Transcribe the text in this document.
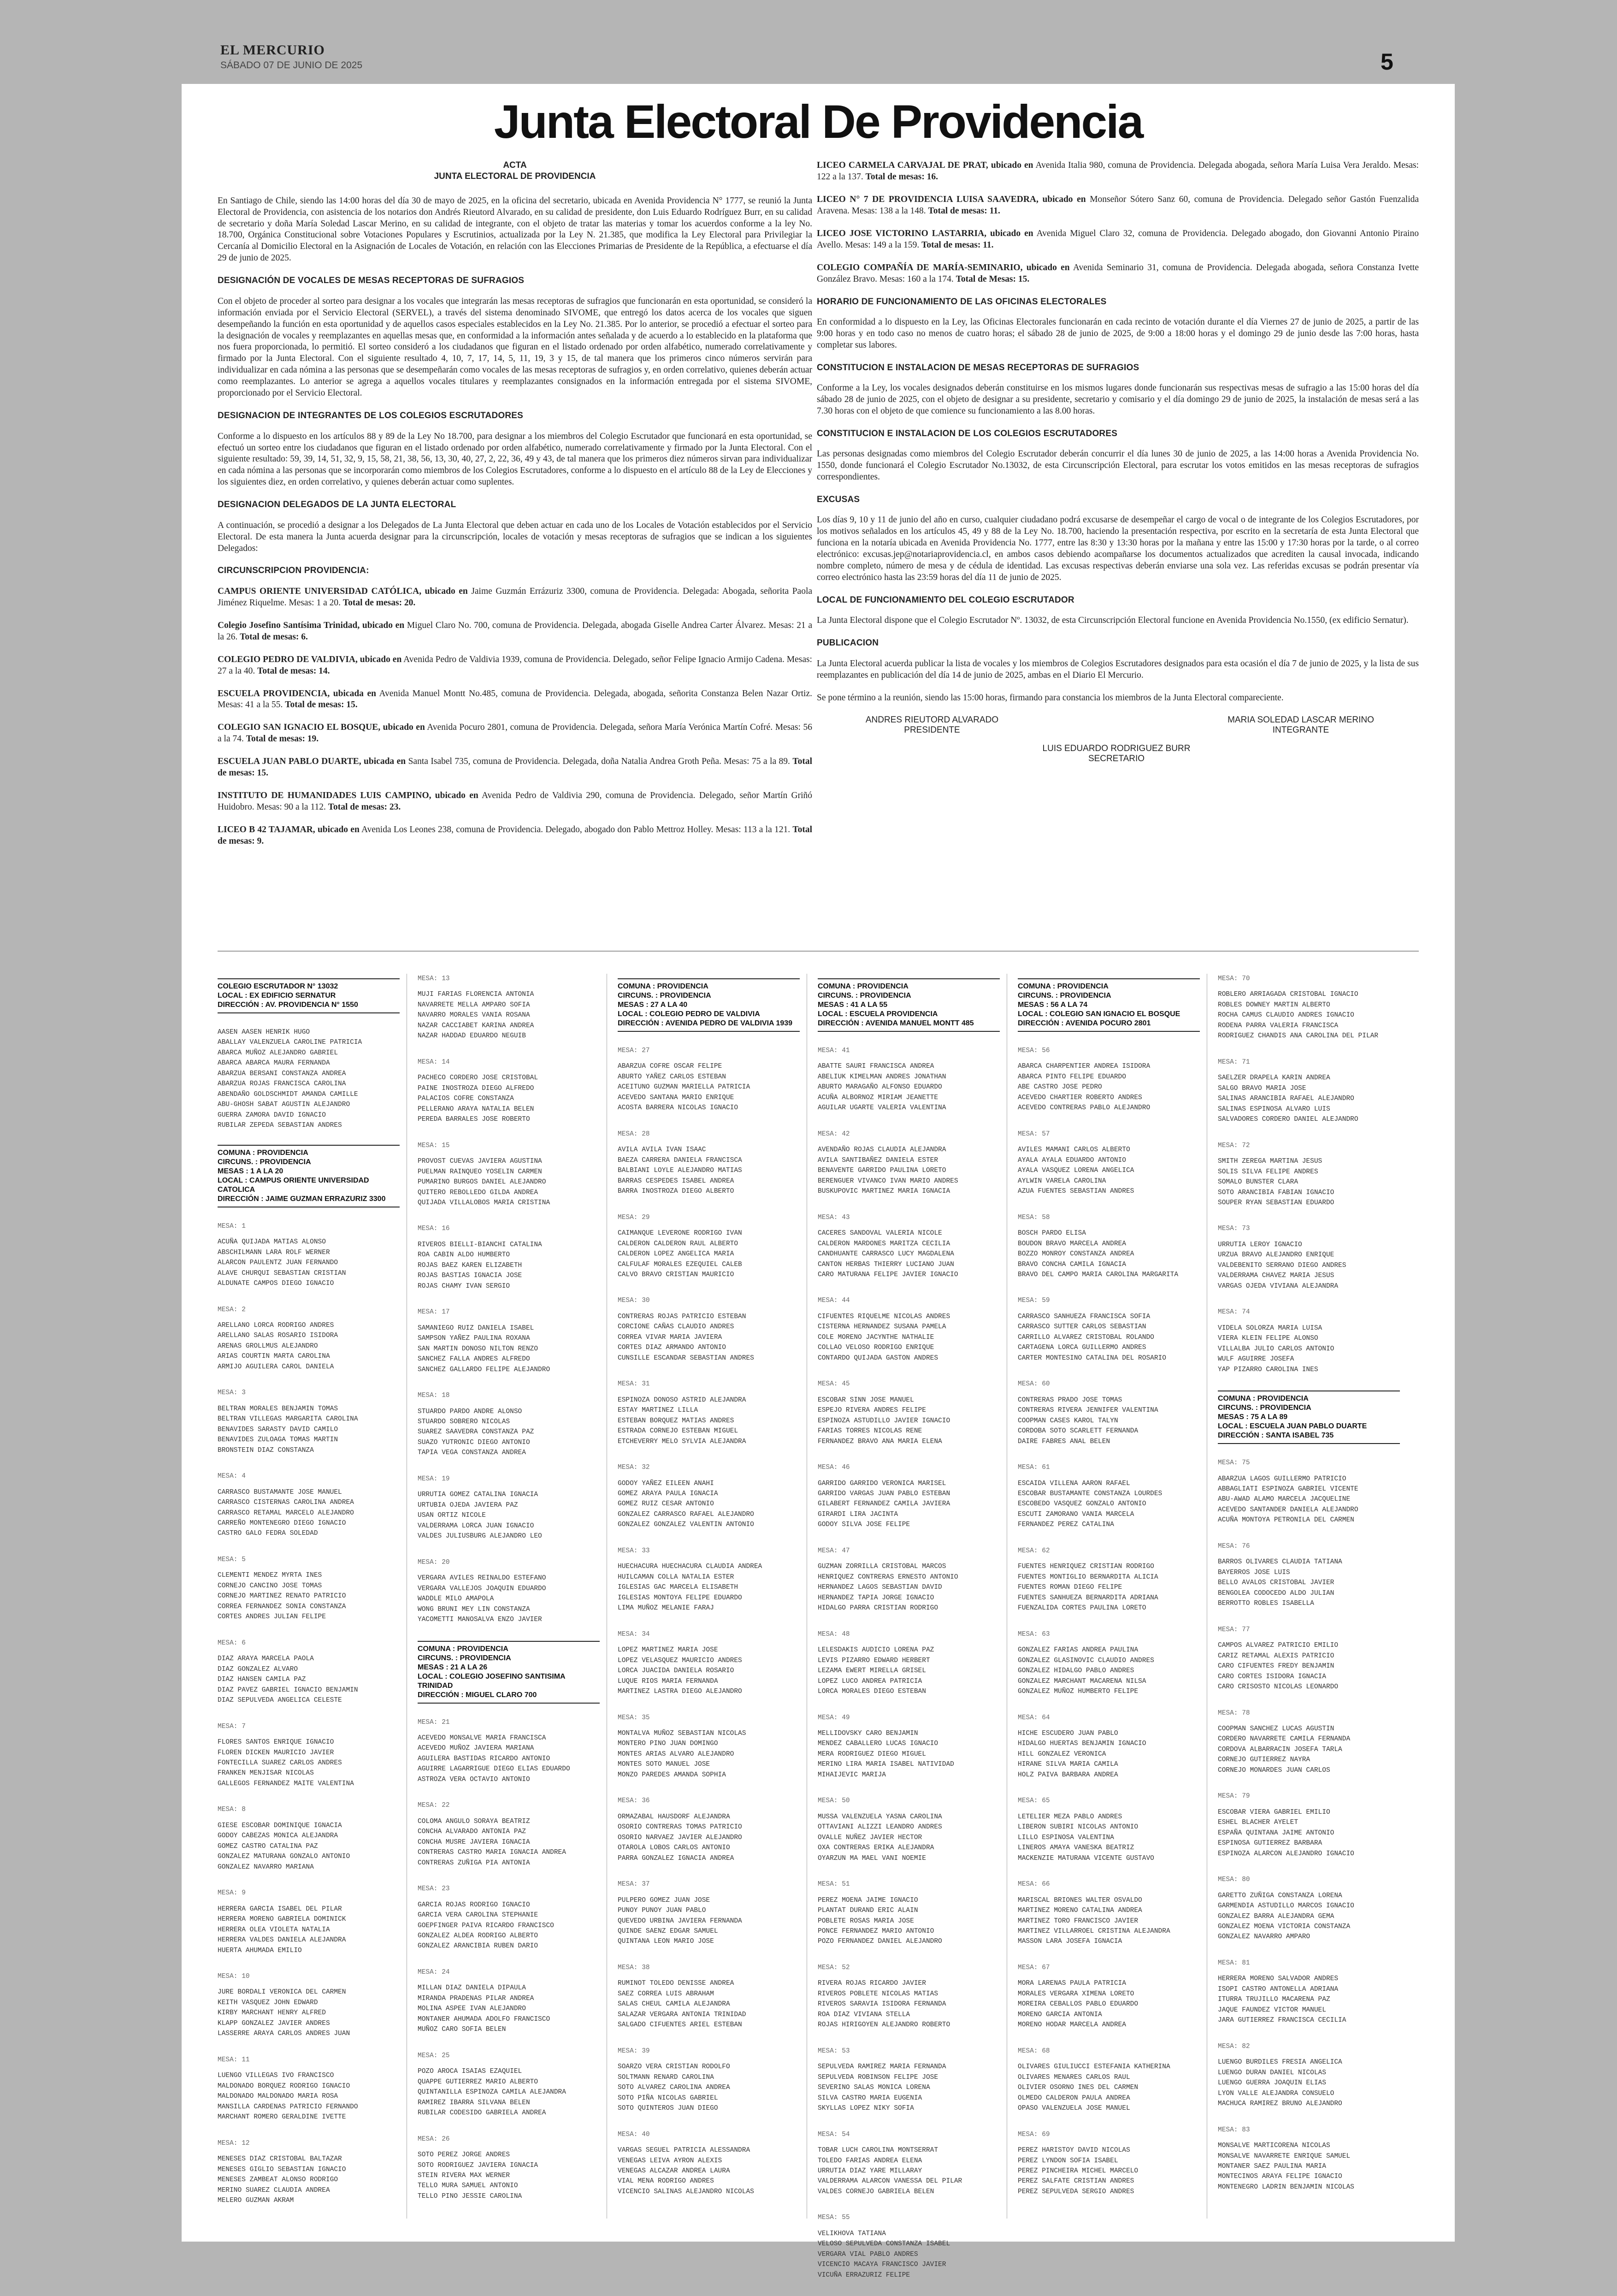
EL MERCURIO
SÁBADO 07 DE JUNIO DE 2025	5
Junta Electoral De Providencia
ACTA
JUNTA ELECTORAL DE PROVIDENCIA

En Santiago de Chile, siendo las 14:00 horas del día 30 de mayo de 2025, en la oficina del secretario, ubicada en Avenida Providencia N° 1777, se reunió la Junta Electoral de Providencia, con asistencia de los notarios don Andrés Rieutord Alvarado, en su calidad de presidente, don Luis Eduardo Rodríguez Burr, en su calidad de secretario y doña María Soledad Lascar Merino, en su calidad de integrante, con el objeto de tratar las materias y tomar los acuerdos conforme a la ley No. 18.700, Orgánica Constitucional sobre Votaciones Populares y Escrutinios, actualizada por la Ley N. 21.385, que modifica la Ley Electoral para Privilegiar la Cercanía al Domicilio Electoral en la Asignación de Locales de Votación, en relación con las Elecciones Primarias de Presidente de la República, a efectuarse el día 29 de junio de 2025.

DESIGNACIÓN DE VOCALES DE MESAS RECEPTORAS DE SUFRAGIOS

Con el objeto de proceder al sorteo para designar a los vocales que integrarán las mesas receptoras de sufragios que funcionarán en esta oportunidad, se consideró la información enviada por el Servicio Electoral (SERVEL), a través del sistema denominado SIVOME, que entregó los datos acerca de los vocales que siguen desempeñando la función en esta oportunidad y de aquellos casos especiales establecidos en la Ley No. 21.385. Por lo anterior, se procedió a efectuar el sorteo para la designación de vocales y reemplazantes en aquellas mesas que, en conformidad a la información antes señalada y de acuerdo a lo establecido en la plataforma que nos fuera proporcionada, lo permitió. El sorteo consideró a los ciudadanos que figuran en el listado ordenado por orden alfabético, numerado correlativamente y firmado por la Junta Electoral. Con el siguiente resultado 4, 10, 7, 17, 14, 5, 11, 19, 3 y 15, de tal manera que los primeros cinco números servirán para individualizar en cada nómina a las personas que se desempeñarán como vocales de las mesas receptoras de sufragios y, en orden correlativo, quienes deberán actuar como reemplazantes. Lo anterior se agrega a aquellos vocales titulares y reemplazantes consignados en la información entregada por el sistema SIVOME, proporcionado por el Servicio Electoral.

DESIGNACION DE INTEGRANTES DE LOS COLEGIOS ESCRUTADORES

Conforme a lo dispuesto en los artículos 88 y 89 de la Ley No 18.700, para designar a los miembros del Colegio Escrutador que funcionará en esta oportunidad, se efectuó un sorteo entre los ciudadanos que figuran en el listado ordenado por orden alfabético, numerado correlativamente y firmado por la Junta Electoral. Con el siguiente resultado: 59, 39, 14, 51, 32, 9, 15, 58, 21, 38, 56, 13, 30, 40, 27, 2, 22, 36, 49 y 43, de tal manera que los primeros diez números sirvan para individualizar en cada nómina a las personas que se incorporarán como miembros de los Colegios Escrutadores, conforme a lo dispuesto en el artículo 88 de la Ley de Elecciones y los siguientes diez, en orden correlativo, y quienes deberán actuar como suplentes.

DESIGNACION DELEGADOS DE LA JUNTA ELECTORAL

A continuación, se procedió a designar a los Delegados de La Junta Electoral que deben actuar en cada uno de los Locales de Votación establecidos por el Servicio Electoral. De esta manera la Junta acuerda designar para la circunscripción, locales de votación y mesas receptoras de sufragios que se indican a los siguientes Delegados:

CIRCUNSCRIPCION PROVIDENCIA:

CAMPUS ORIENTE UNIVERSIDAD CATÓLICA, ubicado en Jaime Guzmán Errázuriz 3300, comuna de Providencia. Delegada: Abogada, señorita Paola Jiménez Riquelme. Mesas: 1 a 20. Total de mesas: 20.

Colegio Josefino Santísima Trinidad, ubicado en Miguel Claro No. 700, comuna de Providencia. Delegada, abogada Giselle Andrea Carter Álvarez. Mesas: 21 a la 26. Total de mesas: 6.

COLEGIO PEDRO DE VALDIVIA, ubicado en Avenida Pedro de Valdivia 1939, comuna de Providencia. Delegado, señor Felipe Ignacio Armijo Cadena. Mesas: 27 a la 40. Total de mesas: 14.

ESCUELA PROVIDENCIA, ubicada en Avenida Manuel Montt No.485, comuna de Providencia. Delegada, abogada, señorita Constanza Belen Nazar Ortiz. Mesas: 41 a la 55. Total de mesas: 15.

COLEGIO SAN IGNACIO EL BOSQUE, ubicado en Avenida Pocuro 2801, comuna de Providencia. Delegada, señora María Verónica Martín Cofré. Mesas: 56 a la 74. Total de mesas: 19.

ESCUELA JUAN PABLO DUARTE, ubicada en Santa Isabel 735, comuna de Providencia. Delegada, doña Natalia Andrea Groth Peña. Mesas: 75 a la 89. Total de mesas: 15.

INSTITUTO DE HUMANIDADES LUIS CAMPINO, ubicado en Avenida Pedro de Valdivia 290, comuna de Providencia. Delegado, señor Martín Griñó Huidobro. Mesas: 90 a la 112. Total de mesas: 23.

LICEO B 42 TAJAMAR, ubicado en Avenida Los Leones 238, comuna de Providencia. Delegado, abogado don Pablo Mettroz Holley. Mesas: 113 a la 121. Total de mesas: 9.

LICEO CARMELA CARVAJAL DE PRAT, ubicado en Avenida Italia 980, comuna de Providencia. Delegada abogada, señora María Luisa Vera Jeraldo. Mesas: 122 a la 137. Total de mesas: 16.

LICEO N° 7 DE PROVIDENCIA LUISA SAAVEDRA, ubicado en Monseñor Sótero Sanz 60, comuna de Providencia. Delegado señor Gastón Fuenzalida Aravena. Mesas: 138 a la 148. Total de mesas: 11.

LICEO JOSE VICTORINO LASTARRIA, ubicado en Avenida Miguel Claro 32, comuna de Providencia. Delegado abogado, don Giovanni Antonio Piraino Avello. Mesas: 149 a la 159. Total de mesas: 11.

COLEGIO COMPAÑÍA DE MARÍA-SEMINARIO, ubicado en Avenida Seminario 31, comuna de Providencia. Delegada abogada, señora Constanza Ivette González Bravo. Mesas: 160 a la 174. Total de Mesas: 15.

HORARIO DE FUNCIONAMIENTO DE LAS OFICINAS ELECTORALES

En conformidad a lo dispuesto en la Ley, las Oficinas Electorales funcionarán en cada recinto de votación durante el día Viernes 27 de junio de 2025, a partir de las 9:00 horas y en todo caso no menos de cuatro horas; el sábado 28 de junio de 2025, de 9:00 a 18:00 horas y el domingo 29 de junio desde las 7:00 horas, hasta completar sus labores.

CONSTITUCION E INSTALACION DE MESAS RECEPTORAS DE SUFRAGIOS

Conforme a la Ley, los vocales designados deberán constituirse en los mismos lugares donde funcionarán sus respectivas mesas de sufragio a las 15:00 horas del día sábado 28 de junio de 2025, con el objeto de designar a su presidente, secretario y comisario y el día domingo 29 de junio de 2025, la instalación de mesas será a las 7.30 horas con el objeto de que comience su funcionamiento a las 8.00 horas.

CONSTITUCION E INSTALACION DE LOS COLEGIOS ESCRUTADORES

Las personas designadas como miembros del Colegio Escrutador deberán concurrir el día lunes 30 de junio de 2025, a las 14:00 horas a Avenida Providencia No. 1550, donde funcionará el Colegio Escrutador No.13032, de esta Circunscripción Electoral, para escrutar los votos emitidos en las mesas receptoras de sufragios correspondientes.

EXCUSAS

Los días 9, 10 y 11 de junio del año en curso, cualquier ciudadano podrá excusarse de desempeñar el cargo de vocal o de integrante de los Colegios Escrutadores, por los motivos señalados en los artículos 45, 49 y 88 de la Ley No. 18.700, haciendo la presentación respectiva, por escrito en la secretaría de esta Junta Electoral que funciona en la notaría ubicada en Avenida Providencia No. 1777, entre las 8:30 y 13:30 horas por la mañana y entre las 15:00 y 17:30 horas por la tarde, o al correo electrónico: excusas.jep@notariaprovidencia.cl, en ambos casos debiendo acompañarse los documentos actualizados que acrediten la causal invocada, indicando nombre completo, número de mesa y de cédula de identidad. Las excusas respectivas deberán enviarse una sola vez. Las referidas excusas se podrán presentar vía correo electrónico hasta las 23:59 horas del día 11 de junio de 2025.

LOCAL DE FUNCIONAMIENTO DEL COLEGIO ESCRUTADOR

La Junta Electoral dispone que el Colegio Escrutador Nº. 13032, de esta Circunscripción Electoral funcione en Avenida Providencia No.1550, (ex edificio Sernatur).

PUBLICACION

La Junta Electoral acuerda publicar la lista de vocales y los miembros de Colegios Escrutadores designados para esta ocasión el día 7 de junio de 2025, y la lista de sus reemplazantes en publicación del día 14 de junio de 2025, ambas en el Diario El Mercurio.

Se pone término a la reunión, siendo las 15:00 horas, firmando para constancia los miembros de la Junta Electoral compareciente.

ANDRES RIEUTORD ALVARADO
PRESIDENTE
MARIA SOLEDAD LASCAR MERINO
INTEGRANTE
LUIS EDUARDO RODRIGUEZ BURR
SECRETARIO
COLEGIO ESCRUTADOR N° 13032
LOCAL : EX EDIFICIO SERNATUR
DIRECCIÓN : AV. PROVIDENCIA N° 1550
AASEN AASEN HENRIK HUGO
ABALLAY VALENZUELA CAROLINE PATRICIA
ABARCA MUÑOZ ALEJANDRO GABRIEL
ABARCA ABARCA MAURA FERNANDA
ABARZUA BERSANI CONSTANZA ANDREA
ABARZUA ROJAS FRANCISCA CAROLINA
ABENDAÑO GOLDSCHMIDT AMANDA CAMILLE
ABU-GHOSH SABAT AGUSTIN ALEJANDRO
GUERRA ZAMORA DAVID IGNACIO
RUBILAR ZEPEDA SEBASTIAN ANDRES
COMUNA : PROVIDENCIA
CIRCUNS. : PROVIDENCIA
MESAS : 1 A LA 20
LOCAL : CAMPUS ORIENTE UNIVERSIDAD CATOLICA
DIRECCIÓN : JAIME GUZMAN ERRAZURIZ 3300
MESA: 1
ACUÑA QUIJADA MATIAS ALONSO
ABSCHILMANN LARA ROLF WERNER
ALARCON PAULENTZ JUAN FERNANDO
ALAVE CHURQUI SEBASTIAN CRISTIAN
ALDUNATE CAMPOS DIEGO IGNACIO
MESA: 2
ARELLANO LORCA RODRIGO ANDRES
ARELLANO SALAS ROSARIO ISIDORA
ARENAS GROLLMUS ALEJANDRO
ARIAS COURTIN MARTA CAROLINA
ARMIJO AGUILERA CAROL DANIELA
MESA: 3
BELTRAN MORALES BENJAMIN TOMAS
BELTRAN VILLEGAS MARGARITA CAROLINA
BENAVIDES SARASTY DAVID CAMILO
BENAVIDES ZULOAGA TOMAS MARTIN
BRONSTEIN DIAZ CONSTANZA
MESA: 4
CARRASCO BUSTAMANTE JOSE MANUEL
CARRASCO CISTERNAS CAROLINA ANDREA
CARRASCO RETAMAL MARCELO ALEJANDRO
CARREÑO MONTENEGRO DIEGO IGNACIO
CASTRO GALO FEDRA SOLEDAD
MESA: 5
CLEMENTI MENDEZ MYRTA INES
CORNEJO CANCINO JOSE TOMAS
CORNEJO MARTINEZ RENATO PATRICIO
CORREA FERNANDEZ SONIA CONSTANZA
CORTES ANDRES JULIAN FELIPE
MESA: 6
DIAZ ARAYA MARCELA PAOLA
DIAZ GONZALEZ ALVARO
DIAZ HANSEN CAMILA PAZ
DIAZ PAVEZ GABRIEL IGNACIO BENJAMIN
DIAZ SEPULVEDA ANGELICA CELESTE
MESA: 7
FLORES SANTOS ENRIQUE IGNACIO
FLOREN DICKEN MAURICIO JAVIER
FONTECILLA SUAREZ CARLOS ANDRES
FRANKEN MENJISAR NICOLAS
GALLEGOS FERNANDEZ MAITE VALENTINA
MESA: 8
GIESE ESCOBAR DOMINIQUE IGNACIA
GODOY CABEZAS MONICA ALEJANDRA
GOMEZ CASTRO CATALINA PAZ
GONZALEZ MATURANA GONZALO ANTONIO
GONZALEZ NAVARRO MARIANA
MESA: 9
HERRERA GARCIA ISABEL DEL PILAR
HERRERA MORENO GABRIELA DOMINICK
HERRERA OLEA VIOLETA NATALIA
HERRERA VALDES DANIELA ALEJANDRA
HUERTA AHUMADA EMILIO
MESA: 10
JURE BORDALI VERONICA DEL CARMEN
KEITH VASQUEZ JOHN EDWARD
KIRBY MARCHANT HENRY ALFRED
KLAPP GONZALEZ JAVIER ANDRES
LASSERRE ARAYA CARLOS ANDRES JUAN
MESA: 11
LUENGO VILLEGAS IVO FRANCISCO
MALDONADO BORQUEZ RODRIGO IGNACIO
MALDONADO MALDONADO MARIA ROSA
MANSILLA CARDENAS PATRICIO FERNANDO
MARCHANT ROMERO GERALDINE IVETTE
MESA: 12
MENESES DIAZ CRISTOBAL BALTAZAR
MENESES GIGLIO SEBASTIAN IGNACIO
MENESES ZAMBEAT ALONSO RODRIGO
MERINO SUAREZ CLAUDIA ANDREA
MELERO GUZMAN AKRAM
MESA: 13
MUJI FARIAS FLORENCIA ANTONIA
NAVARRETE MELLA AMPARO SOFIA
NAVARRO MORALES VANIA ROSANA
NAZAR CACCIABET KARINA ANDREA
NAZAR HADDAD EDUARDO NEGUIB
MESA: 14
PACHECO CORDERO JOSE CRISTOBAL
PAINE INOSTROZA DIEGO ALFREDO
PALACIOS COFRE CONSTANZA
PELLERANO ARAYA NATALIA BELEN
PEREDA BARRALES JOSE ROBERTO
MESA: 15
PROVOST CUEVAS JAVIERA AGUSTINA
PUELMAN RAINQUEO YOSELIN CARMEN
PUMARINO BURGOS DANIEL ALEJANDRO
QUITERO REBOLLEDO GILDA ANDREA
QUIJADA VILLALOBOS MARIA CRISTINA
MESA: 16
RIVEROS BIELLI-BIANCHI CATALINA
ROA CABIN ALDO HUMBERTO
ROJAS BAEZ KAREN ELIZABETH
ROJAS BASTIAS IGNACIA JOSE
ROJAS CHAMY IVAN SERGIO
MESA: 17
SAMANIEGO RUIZ DANIELA ISABEL
SAMPSON YAÑEZ PAULINA ROXANA
SAN MARTIN DONOSO NILTON RENZO
SANCHEZ FALLA ANDRES ALFREDO
SANCHEZ GALLARDO FELIPE ALEJANDRO
MESA: 18
STUARDO PARDO ANDRE ALONSO
STUARDO SOBRERO NICOLAS
SUAREZ SAAVEDRA CONSTANZA PAZ
SUAZO YUTRONIC DIEGO ANTONIO
TAPIA VEGA CONSTANZA ANDREA
MESA: 19
URRUTIA GOMEZ CATALINA IGNACIA
URTUBIA OJEDA JAVIERA PAZ
USAN ORTIZ NICOLE
VALDERRAMA LORCA JUAN IGNACIO
VALDES JULIUSBURG ALEJANDRO LEO
MESA: 20
VERGARA AVILES REINALDO ESTEFANO
VERGARA VALLEJOS JOAQUIN EDUARDO
WADDLE MILO AMAPOLA
WONG BRUNI MEY LIN CONSTANZA
YACOMETTI MANOSALVA ENZO JAVIER
COMUNA : PROVIDENCIA
CIRCUNS. : PROVIDENCIA
MESAS : 21 A LA 26
LOCAL : COLEGIO JOSEFINO SANTISIMA TRINIDAD
DIRECCIÓN : MIGUEL CLARO 700
MESA: 21
ACEVEDO MONSALVE MARIA FRANCISCA
ACEVEDO MUÑOZ JAVIERA MARIANA
AGUILERA BASTIDAS RICARDO ANTONIO
AGUIRRE LAGARRIGUE DIEGO ELIAS EDUARDO
ASTROZA VERA OCTAVIO ANTONIO
MESA: 22
COLOMA ANGULO SORAYA BEATRIZ
CONCHA ALVARADO ANTONIA PAZ
CONCHA MUSRE JAVIERA IGNACIA
CONTRERAS CASTRO MARIA IGNACIA ANDREA
CONTRERAS ZUÑIGA PIA ANTONIA
MESA: 23
GARCIA ROJAS RODRIGO IGNACIO
GARCIA VERA CAROLINA STEPHANIE
GOEPFINGER PAIVA RICARDO FRANCISCO
GONZALEZ ALDEA RODRIGO ALBERTO
GONZALEZ ARANCIBIA RUBEN DARIO
MESA: 24
MILLAN DIAZ DANIELA DIPAULA
MIRANDA PRADENAS PILAR ANDREA
MOLINA ASPEE IVAN ALEJANDRO
MONTANER AHUMADA ADOLFO FRANCISCO
MUÑOZ CARO SOFIA BELEN
MESA: 25
POZO AROCA ISAIAS EZAQUIEL
QUAPPE GUTIERREZ MARIO ALBERTO
QUINTANILLA ESPINOZA CAMILA ALEJANDRA
RAMIREZ IBARRA SILVANA BELEN
RUBILAR CODESIDO GABRIELA ANDREA
MESA: 26
SOTO PEREZ JORGE ANDRES
SOTO RODRIGUEZ JAVIERA IGNACIA
STEIN RIVERA MAX WERNER
TELLO MURA SAMUEL ANTONIO
TELLO PINO JESSIE CAROLINA
COMUNA : PROVIDENCIA
CIRCUNS. : PROVIDENCIA
MESAS : 27 A LA 40
LOCAL : COLEGIO PEDRO DE VALDIVIA
DIRECCIÓN : AVENIDA PEDRO DE VALDIVIA 1939
MESA: 27
ABARZUA COFRE OSCAR FELIPE
ABURTO YAÑEZ CARLOS ESTEBAN
ACEITUNO GUZMAN MARIELLA PATRICIA
ACEVEDO SANTANA MARIO ENRIQUE
ACOSTA BARRERA NICOLAS IGNACIO
MESA: 28
AVILA AVILA IVAN ISAAC
BAEZA CARRERA DANIELA FRANCISCA
BALBIANI LOYLE ALEJANDRO MATIAS
BARRAS CESPEDES ISABEL ANDREA
BARRA INOSTROZA DIEGO ALBERTO
MESA: 29
CAIMANQUE LEVERONE RODRIGO IVAN
CALDERON CALDERON RAUL ALBERTO
CALDERON LOPEZ ANGELICA MARIA
CALFULAF MORALES EZEQUIEL CALEB
CALVO BRAVO CRISTIAN MAURICIO
MESA: 30
CONTRERAS ROJAS PATRICIO ESTEBAN
CORCIONE CAÑAS CLAUDIO ANDRES
CORREA VIVAR MARIA JAVIERA
CORTES DIAZ ARMANDO ANTONIO
CUNSILLE ESCANDAR SEBASTIAN ANDRES
MESA: 31
ESPINOZA DONOSO ASTRID ALEJANDRA
ESTAY MARTINEZ LILLA
ESTEBAN BORQUEZ MATIAS ANDRES
ESTRADA CORNEJO ESTEBAN MIGUEL
ETCHEVERRY MELO SYLVIA ALEJANDRA
MESA: 32
GODOY YAÑEZ EILEEN ANAHI
GOMEZ ARAYA PAULA IGNACIA
GOMEZ RUIZ CESAR ANTONIO
GONZALEZ CARRASCO RAFAEL ALEJANDRO
GONZALEZ GONZALEZ VALENTIN ANTONIO
MESA: 33
HUECHACURA HUECHACURA CLAUDIA ANDREA
HUILCAMAN COLLA NATALIA ESTER
IGLESIAS GAC MARCELA ELISABETH
IGLESIAS MONTOYA FELIPE EDUARDO
LIMA MUÑOZ MELANIE FARAJ
MESA: 34
LOPEZ MARTINEZ MARIA JOSE
LOPEZ VELASQUEZ MAURICIO ANDRES
LORCA JUACIDA DANIELA ROSARIO
LUQUE RIOS MARIA FERNANDA
MARTINEZ LASTRA DIEGO ALEJANDRO
MESA: 35
MONTALVA MUÑOZ SEBASTIAN NICOLAS
MONTERO PINO JUAN DOMINGO
MONTES ARIAS ALVARO ALEJANDRO
MONTES SOTO MANUEL JOSE
MONZO PAREDES AMANDA SOPHIA
MESA: 36
ORMAZABAL HAUSDORF ALEJANDRA
OSORIO CONTRERAS TOMAS PATRICIO
OSORIO NARVAEZ JAVIER ALEJANDRO
OTAROLA LOBOS CARLOS ANTONIO
PARRA GONZALEZ IGNACIA ANDREA
MESA: 37
PULPERO GOMEZ JUAN JOSE
PUNOY PUNOY JUAN PABLO
QUEVEDO URBINA JAVIERA FERNANDA
QUINDE SAENZ EDGAR SAMUEL
QUINTANA LEON MARIO JOSE
MESA: 38
RUMINOT TOLEDO DENISSE ANDREA
SAEZ CORREA LUIS ABRAHAM
SALAS CHEUL CAMILA ALEJANDRA
SALAZAR VERGARA ANTONIA TRINIDAD
SALGADO CIFUENTES ARIEL ESTEBAN
MESA: 39
SOARZO VERA CRISTIAN RODOLFO
SOLTMANN RENARD CAROLINA
SOTO ALVAREZ CAROLINA ANDREA
SOTO PIÑA NICOLAS GABRIEL
SOTO QUINTEROS JUAN DIEGO
MESA: 40
VARGAS SEGUEL PATRICIA ALESSANDRA
VENEGAS LEIVA AYRON ALEXIS
VENEGAS ALCAZAR ANDREA LAURA
VIAL MENA RODRIGO ANDRES
VICENCIO SALINAS ALEJANDRO NICOLAS
COMUNA : PROVIDENCIA
CIRCUNS. : PROVIDENCIA
MESAS : 41 A LA 55
LOCAL : ESCUELA PROVIDENCIA
DIRECCIÓN : AVENIDA MANUEL MONTT 485
MESA: 41
ABATTE SAURI FRANCISCA ANDREA
ABELIUK KIMELMAN ANDRES JONATHAN
ABURTO MARAGAÑO ALFONSO EDUARDO
ACUÑA ALBORNOZ MIRIAM JEANETTE
AGUILAR UGARTE VALERIA VALENTINA
MESA: 42
AVENDAÑO ROJAS CLAUDIA ALEJANDRA
AVILA SANTIBAÑEZ DANIELA ESTER
BENAVENTE GARRIDO PAULINA LORETO
BERENGUER VIVANCO IVAN MARIO ANDRES
BUSKUPOVIC MARTINEZ MARIA IGNACIA
MESA: 43
CACERES SANDOVAL VALERIA NICOLE
CALDERON MARDONES MARITZA CECILIA
CANDHUANTE CARRASCO LUCY MAGDALENA
CANTON HERBAS THIERRY LUCIANO JUAN
CARO MATURANA FELIPE JAVIER IGNACIO
MESA: 44
CIFUENTES RIQUELME NICOLAS ANDRES
CISTERNA HERNANDEZ SUSANA PAMELA
COLE MORENO JACYNTHE NATHALIE
COLLAO VELOSO RODRIGO ENRIQUE
CONTARDO QUIJADA GASTON ANDRES
MESA: 45
ESCOBAR SINN JOSE MANUEL
ESPEJO RIVERA ANDRES FELIPE
ESPINOZA ASTUDILLO JAVIER IGNACIO
FARIAS TORRES NICOLAS RENE
FERNANDEZ BRAVO ANA MARIA ELENA
MESA: 46
GARRIDO GARRIDO VERONICA MARISEL
GARRIDO VARGAS JUAN PABLO ESTEBAN
GILABERT FERNANDEZ CAMILA JAVIERA
GIRARDI LIRA JACINTA
GODOY SILVA JOSE FELIPE
MESA: 47
GUZMAN ZORRILLA CRISTOBAL MARCOS
HENRIQUEZ CONTRERAS ERNESTO ANTONIO
HERNANDEZ LAGOS SEBASTIAN DAVID
HERNANDEZ TAPIA JORGE IGNACIO
HIDALGO PARRA CRISTIAN RODRIGO
MESA: 48
LELESDAKIS AUDICIO LORENA PAZ
LEVIS PIZARRO EDWARD HERBERT
LEZAMA EWERT MIRELLA GRISEL
LOPEZ LUCO ANDREA PATRICIA
LORCA MORALES DIEGO ESTEBAN
MESA: 49
MELLIDOVSKY CARO BENJAMIN
MENDEZ CABALLERO LUCAS IGNACIO
MERA RODRIGUEZ DIEGO MIGUEL
MERINO LIRA MARIA ISABEL NATIVIDAD
MIHAIJEVIC MARIJA
MESA: 50
MUSSA VALENZUELA YASNA CAROLINA
OTTAVIANI ALIZZI LEANDRO ANDRES
OVALLE NUÑEZ JAVIER HECTOR
OXA CONTRERAS ERIKA ALEJANDRA
OYARZUN MA MAEL VANI NOEMIE
MESA: 51
PEREZ MOENA JAIME IGNACIO
PLANTAT DURAND ERIC ALAIN
POBLETE ROSAS MARIA JOSE
PONCE FERNANDEZ MARIO ANTONIO
POZO FERNANDEZ DANIEL ALEJANDRO
MESA: 52
RIVERA ROJAS RICARDO JAVIER
RIVEROS POBLETE NICOLAS MATIAS
RIVEROS SARAVIA ISIDORA FERNANDA
ROA DIAZ VIVIANA STELLA
ROJAS HIRIGOYEN ALEJANDRO ROBERTO
MESA: 53
SEPULVEDA RAMIREZ MARIA FERNANDA
SEPULVEDA ROBINSON FELIPE JOSE
SEVERINO SALAS MONICA LORENA
SILVA CASTRO MARIA EUGENIA
SKYLLAS LOPEZ NIKY SOFIA
MESA: 54
TOBAR LUCH CAROLINA MONTSERRAT
TOLEDO FARIAS ANDREA ELENA
URRUTIA DIAZ YARE MILLARAY
VALDERRAMA ALARCON VANESSA DEL PILAR
VALDES CORNEJO GABRIELA BELEN
MESA: 55
VELIKHOVA TATIANA
VELOSO SEPULVEDA CONSTANZA ISABEL
VERGARA VIAL PABLO ANDRES
VICENCIO MACAYA FRANCISCO JAVIER
VICUÑA ERRAZURIZ FELIPE
COMUNA : PROVIDENCIA
CIRCUNS. : PROVIDENCIA
MESAS : 56 A LA 74
LOCAL : COLEGIO SAN IGNACIO EL BOSQUE
DIRECCIÓN : AVENIDA POCURO 2801
MESA: 56
ABARCA CHARPENTIER ANDREA ISIDORA
ABARCA PINTO FELIPE EDUARDO
ABE CASTRO JOSE PEDRO
ACEVEDO CHARTIER ROBERTO ANDRES
ACEVEDO CONTRERAS PABLO ALEJANDRO
MESA: 57
AVILES MAMANI CARLOS ALBERTO
AYALA AYALA EDUARDO ANTONIO
AYALA VASQUEZ LORENA ANGELICA
AYLWIN VARELA CAROLINA
AZUA FUENTES SEBASTIAN ANDRES
MESA: 58
BOSCH PARDO ELISA
BOUDON BRAVO MARCELA ANDREA
BOZZO MONROY CONSTANZA ANDREA
BRAVO CONCHA CAMILA IGNACIA
BRAVO DEL CAMPO MARIA CAROLINA MARGARITA
MESA: 59
CARRASCO SANHUEZA FRANCISCA SOFIA
CARRASCO SUTTER CARLOS SEBASTIAN
CARRILLO ALVAREZ CRISTOBAL ROLANDO
CARTAGENA LORCA GUILLERMO ANDRES
CARTER MONTESINO CATALINA DEL ROSARIO
MESA: 60
CONTRERAS PRADO JOSE TOMAS
CONTRERAS RIVERA JENNIFER VALENTINA
COOPMAN CASES KAROL TALYN
CORDOBA SOTO SCARLETT FERNANDA
DAIRE FABRES ANAL BELEN
MESA: 61
ESCAIDA VILLENA AARON RAFAEL
ESCOBAR BUSTAMANTE CONSTANZA LOURDES
ESCOBEDO VASQUEZ GONZALO ANTONIO
ESCUTI ZAMORANO VANIA MARCELA
FERNANDEZ PEREZ CATALINA
MESA: 62
FUENTES HENRIQUEZ CRISTIAN RODRIGO
FUENTES MONTIGLIO BERNARDITA ALICIA
FUENTES ROMAN DIEGO FELIPE
FUENTES SANHUEZA BERNARDITA ADRIANA
FUENZALIDA CORTES PAULINA LORETO
MESA: 63
GONZALEZ FARIAS ANDREA PAULINA
GONZALEZ GLASINOVIC CLAUDIO ANDRES
GONZALEZ HIDALGO PABLO ANDRES
GONZALEZ MARCHANT MACARENA NILSA
GONZALEZ MUÑOZ HUMBERTO FELIPE
MESA: 64
HICHE ESCUDERO JUAN PABLO
HIDALGO HUERTAS BENJAMIN IGNACIO
HILL GONZALEZ VERONICA
HIRANE SILVA MARIA CAMILA
HOLZ PAIVA BARBARA ANDREA
MESA: 65
LETELIER MEZA PABLO ANDRES
LIBERON SUBIRI NICOLAS ANTONIO
LILLO ESPINOSA VALENTINA
LINEROS AMAYA VANESKA BEATRIZ
MACKENZIE MATURANA VICENTE GUSTAVO
MESA: 66
MARISCAL BRIONES WALTER OSVALDO
MARTINEZ MORENO CATALINA ANDREA
MARTINEZ TORO FRANCISCO JAVIER
MARTINEZ VILLARROEL CRISTINA ALEJANDRA
MASSON LARA JOSEFA IGNACIA
MESA: 67
MORA LARENAS PAULA PATRICIA
MORALES VERGARA XIMENA LORETO
MOREIRA CEBALLOS PABLO EDUARDO
MORENO GARCIA ANTONIA
MORENO HODAR MARCELA ANDREA
MESA: 68
OLIVARES GIULIUCCI ESTEFANIA KATHERINA
OLIVARES MENARES CARLOS RAUL
OLIVIER OSORNO INES DEL CARMEN
OLMEDO CALDERON PAULA ANDREA
OPASO VALENZUELA JOSE MANUEL
MESA: 69
PEREZ HARISTOY DAVID NICOLAS
PEREZ LYNDON SOFIA ISABEL
PEREZ PINCHEIRA MICHEL MARCELO
PEREZ SALFATE CRISTIAN ANDRES
PEREZ SEPULVEDA SERGIO ANDRES
MESA: 70
ROBLERO ARRIAGADA CRISTOBAL IGNACIO
ROBLES DOWNEY MARTIN ALBERTO
ROCHA CAMUS CLAUDIO ANDRES IGNACIO
RODENA PARRA VALERIA FRANCISCA
RODRIGUEZ CHANDIS ANA CAROLINA DEL PILAR
MESA: 71
SAELZER DRAPELA KARIN ANDREA
SALGO BRAVO MARIA JOSE
SALINAS ARANCIBIA RAFAEL ALEJANDRO
SALINAS ESPINOSA ALVARO LUIS
SALVADORES CORDERO DANIEL ALEJANDRO
MESA: 72
SMITH ZEREGA MARTINA JESUS
SOLIS SILVA FELIPE ANDRES
SOMALO BUNSTER CLARA
SOTO ARANCIBIA FABIAN IGNACIO
SOUPER RYAN SEBASTIAN EDUARDO
MESA: 73
URRUTIA LEROY IGNACIO
URZUA BRAVO ALEJANDRO ENRIQUE
VALDEBENITO SERRANO DIEGO ANDRES
VALDERRAMA CHAVEZ MARIA JESUS
VARGAS OJEDA VIVIANA ALEJANDRA
MESA: 74
VIDELA SOLORZA MARIA LUISA
VIERA KLEIN FELIPE ALONSO
VILLALBA JULIO CARLOS ANTONIO
WULF AGUIRRE JOSEFA
YAP PIZARRO CAROLINA INES
COMUNA : PROVIDENCIA
CIRCUNS. : PROVIDENCIA
MESAS : 75 A LA 89
LOCAL : ESCUELA JUAN PABLO DUARTE
DIRECCIÓN : SANTA ISABEL 735
MESA: 75
ABARZUA LAGOS GUILLERMO PATRICIO
ABBAGLIATI ESPINOZA GABRIEL VICENTE
ABU-AWAD ALAMO MARCELA JACQUELINE
ACEVEDO SANTANDER DANIELA ALEJANDRO
ACUÑA MONTOYA PETRONILA DEL CARMEN
MESA: 76
BARROS OLIVARES CLAUDIA TATIANA
BAYERROS JOSE LUIS
BELLO AVALOS CRISTOBAL JAVIER
BENGOLEA CODOCEDO ALDO JULIAN
BERROTTO ROBLES ISABELLA
MESA: 77
CAMPOS ALVAREZ PATRICIO EMILIO
CARIZ RETAMAL ALEXIS PATRICIO
CARO CIFUENTES FREDY BENJAMIN
CARO CORTES ISIDORA IGNACIA
CARO CRISOSTO NICOLAS LEONARDO
MESA: 78
COOPMAN SANCHEZ LUCAS AGUSTIN
CORDERO NAVARRETE CAMILA FERNANDA
CORDOVA ALBARRACIN JOSEFA TARLA
CORNEJO GUTIERREZ NAYRA
CORNEJO MONARDES JUAN CARLOS
MESA: 79
ESCOBAR VIERA GABRIEL EMILIO
ESHEL BLACHER AYELET
ESPAÑA QUINTANA JAIME ANTONIO
ESPINOSA GUTIERREZ BARBARA
ESPINOZA ALARCON ALEJANDRO IGNACIO
MESA: 80
GARETTO ZUÑIGA CONSTANZA LORENA
GARMENDIA ASTUDILLO MARCOS IGNACIO
GONZALEZ BARRA ALEJANDRA GEMA
GONZALEZ MOENA VICTORIA CONSTANZA
GONZALEZ NAVARRO AMPARO
MESA: 81
HERRERA MORENO SALVADOR ANDRES
ISOPI CASTRO ANTONELLA ADRIANA
ITURRA TRUJILLO MACARENA PAZ
JAQUE FAUNDEZ VICTOR MANUEL
JARA GUTIERREZ FRANCISCA CECILIA
MESA: 82
LUENGO BURDILES FRESIA ANGELICA
LUENGO DURAN DANIEL NICOLAS
LUENGO GUERRA JOAQUIN ELIAS
LYON VALLE ALEJANDRA CONSUELO
MACHUCA RAMIREZ BRUNO ALEJANDRO
MESA: 83
MONSALVE MARTICORENA NICOLAS
MONSALVE NAVARRETE ENRIQUE SAMUEL
MONTANER SAEZ PAULINA MARIA
MONTECINOS ARAYA FELIPE IGNACIO
MONTENEGRO LADRIN BENJAMIN NICOLAS
